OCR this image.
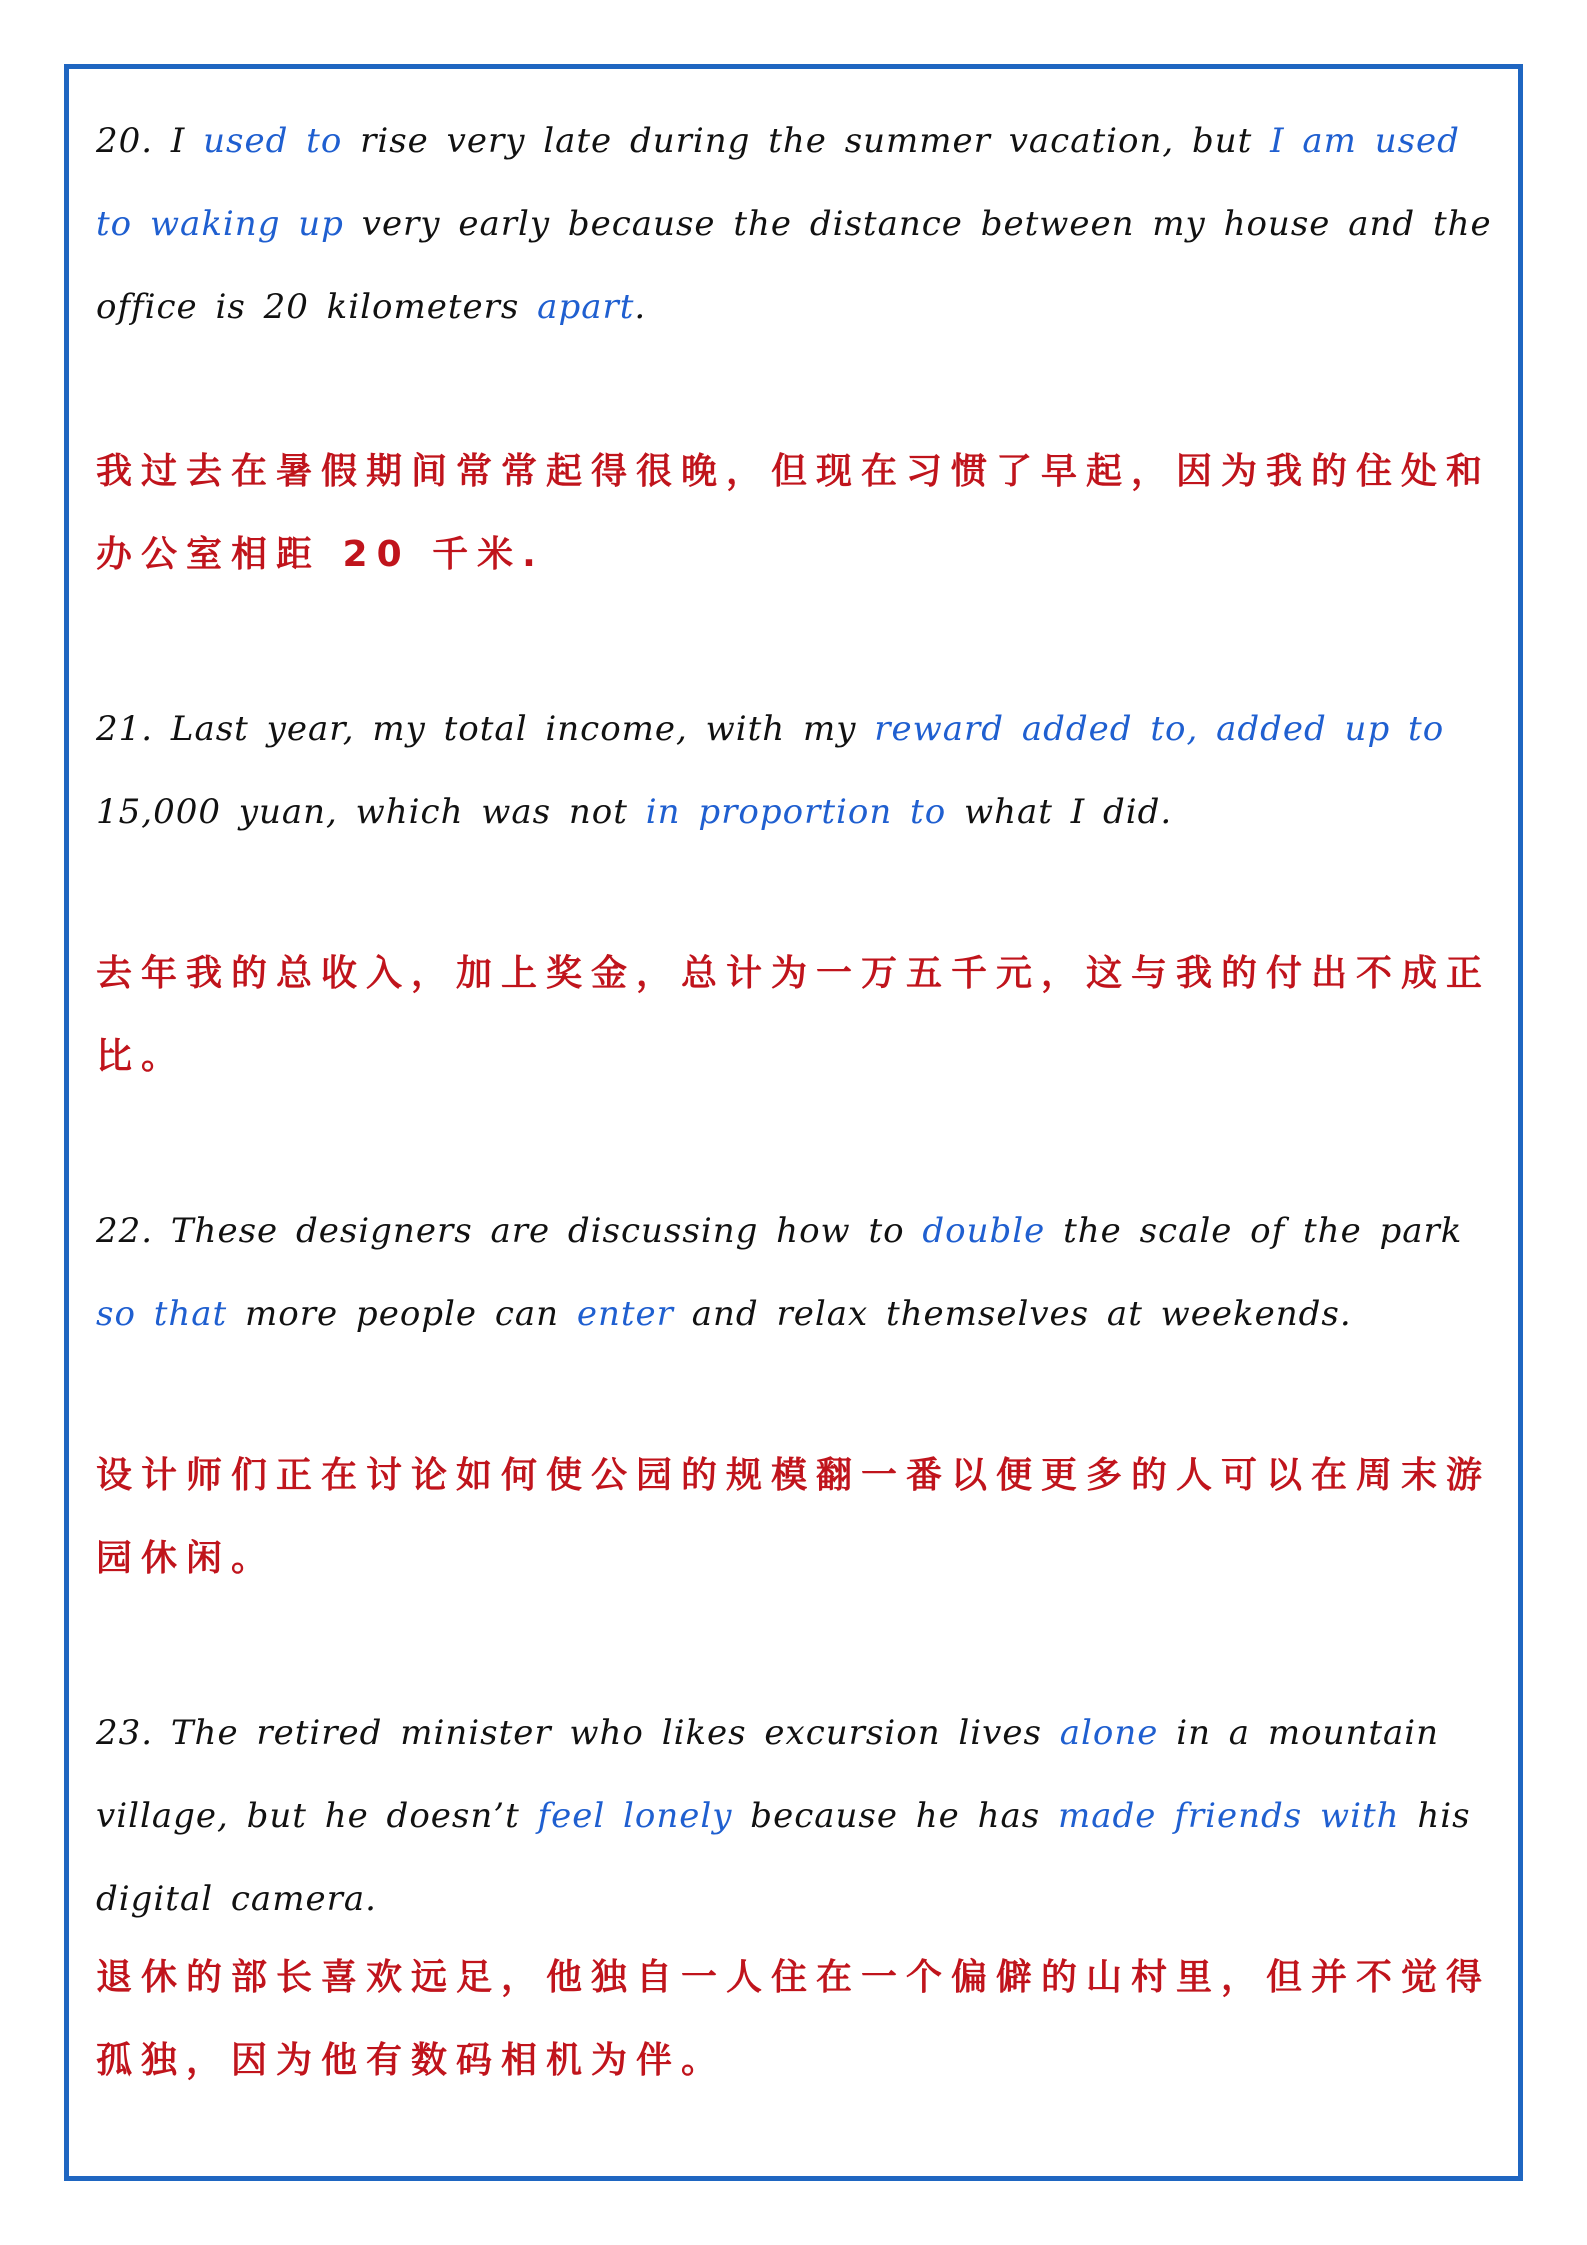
20. I used to rise very late during the summer vacation, but I am used to waking up very early because the distance between my house and the office is 20 kilometers apart.
我过去在暑假期间常常起得很晚，但现在习惯了早起，因为我的住处和办公室相距 20 千米.
21. Last year, my total income, with my reward added to, added up to 15,000 yuan, which was not in proportion to what I did.
去年我的总收入，加上奖金，总计为一万五千元，这与我的付出不成正比。
22. These designers are discussing how to double the scale of the park so that more people can enter and relax themselves at weekends.
设计师们正在讨论如何使公园的规模翻一番以便更多的人可以在周末游园休闲。
23. The retired minister who likes excursion lives alone in a mountain village, but he doesn’t feel lonely because he has made friends with his digital camera.
退休的部长喜欢远足，他独自一人住在一个偏僻的山村里，但并不觉得孤独，因为他有数码相机为伴。
